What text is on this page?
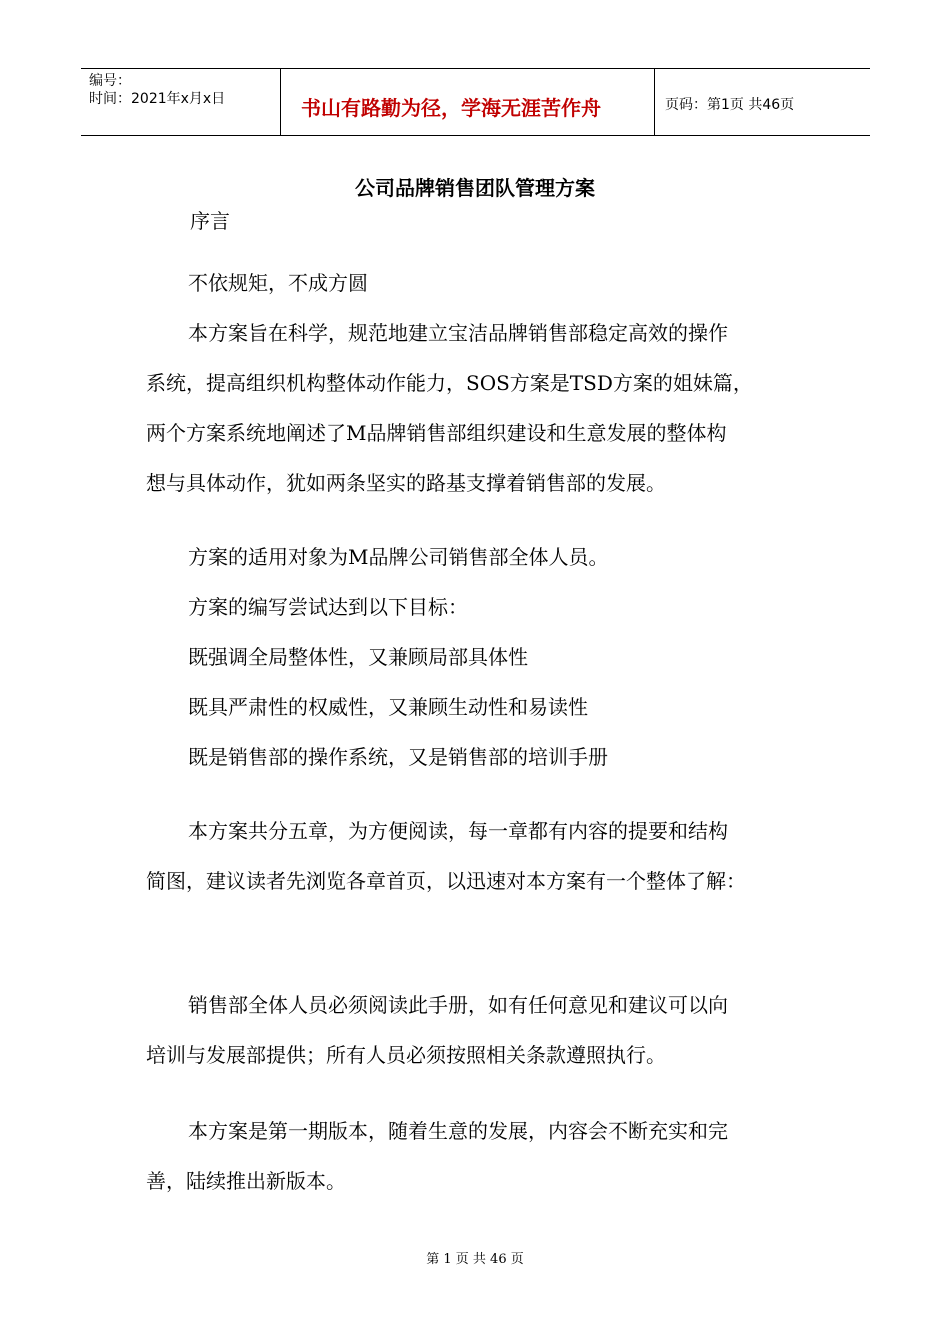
编号：
时间：2021年x月x日	书山有路勤为径，学海无涯苦作舟	页码：第1页 共46页
公司品牌销售团队管理方案

序言

不依规矩，不成方圆

本方案旨在科学，规范地建立宝洁品牌销售部稳定高效的操作

系统，提高组织机构整体动作能力，SOS方案是TSD方案的姐妹篇，

两个方案系统地阐述了M品牌销售部组织建设和生意发展的整体构

想与具体动作，犹如两条坚实的路基支撑着销售部的发展。

方案的适用对象为M品牌公司销售部全体人员。

方案的编写尝试达到以下目标：

既强调全局整体性，又兼顾局部具体性

既具严肃性的权威性，又兼顾生动性和易读性

既是销售部的操作系统，又是销售部的培训手册

本方案共分五章，为方便阅读，每一章都有内容的提要和结构

简图，建议读者先浏览各章首页，以迅速对本方案有一个整体了解：

销售部全体人员必须阅读此手册，如有任何意见和建议可以向

培训与发展部提供；所有人员必须按照相关条款遵照执行。

本方案是第一期版本，随着生意的发展，内容会不断充实和完

善，陆续推出新版本。

第 1 页 共 46 页
